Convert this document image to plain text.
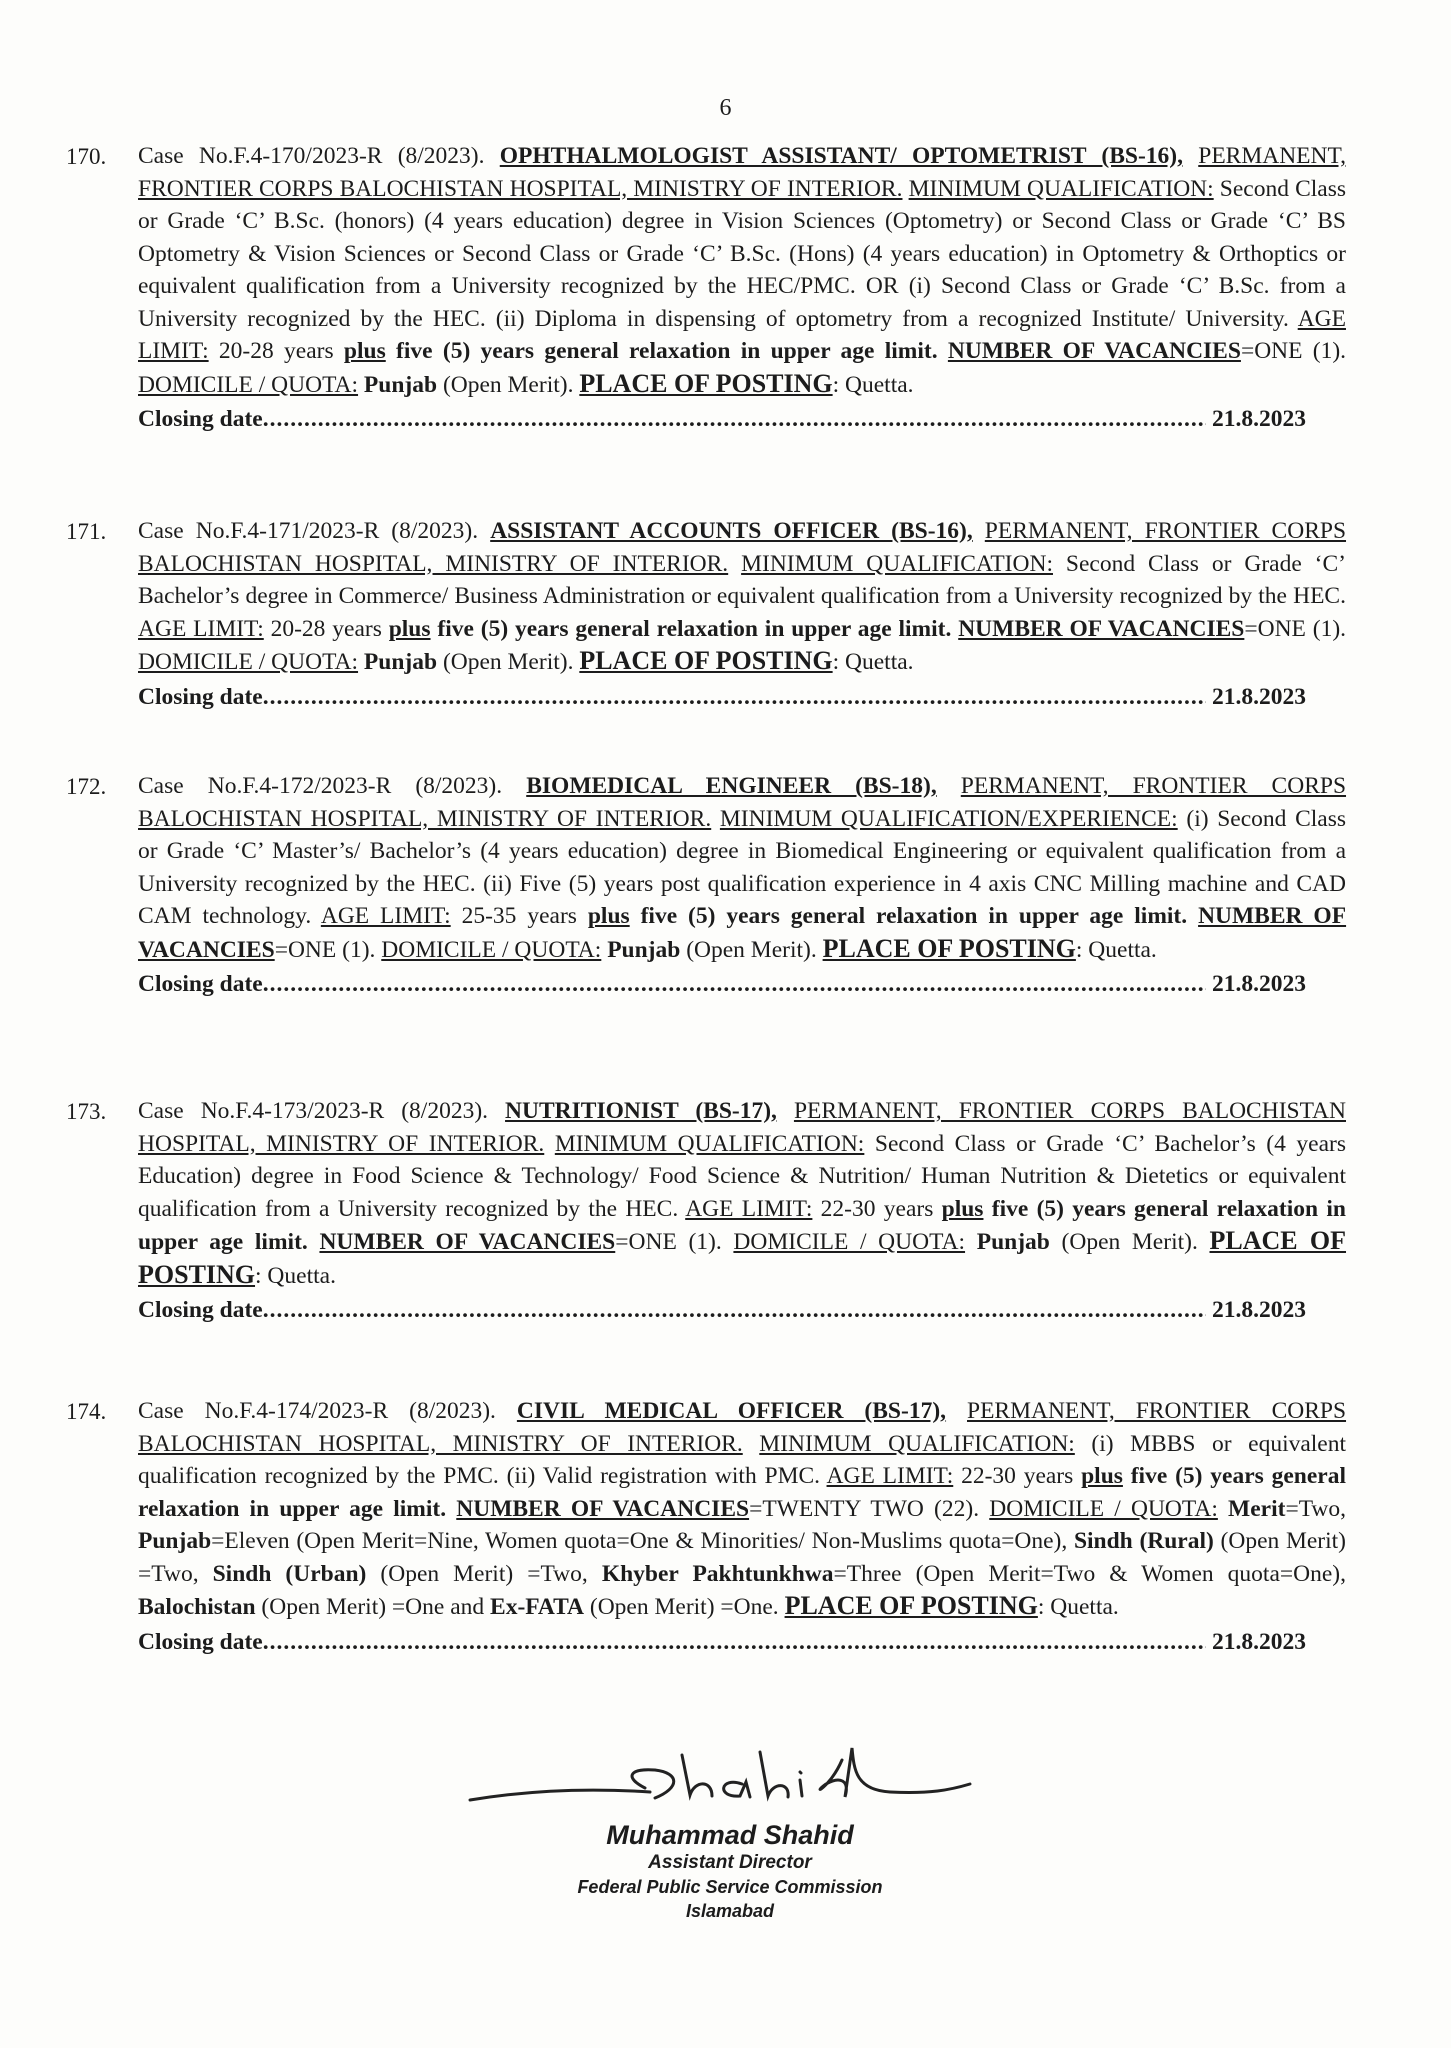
6
170. Case No.F.4-170/2023-R (8/2023). OPHTHALMOLOGIST ASSISTANT/ OPTOMETRIST (BS-16), PERMANENT, FRONTIER CORPS BALOCHISTAN HOSPITAL, MINISTRY OF INTERIOR. MINIMUM QUALIFICATION: Second Class or Grade ‘C’ B.Sc. (honors) (4 years education) degree in Vision Sciences (Optometry) or Second Class or Grade ‘C’ BS Optometry & Vision Sciences or Second Class or Grade ‘C’ B.Sc. (Hons) (4 years education) in Optometry & Orthoptics or equivalent qualification from a University recognized by the HEC/PMC. OR (i) Second Class or Grade ‘C’ B.Sc. from a University recognized by the HEC. (ii) Diploma in dispensing of optometry from a recognized Institute/ University. AGE LIMIT: 20-28 years plus five (5) years general relaxation in upper age limit. NUMBER OF VACANCIES=ONE (1). DOMICILE / QUOTA: Punjab (Open Merit). PLACE OF POSTING: Quetta.
Closing date .....	21.8.2023
171. Case No.F.4-171/2023-R (8/2023). ASSISTANT ACCOUNTS OFFICER (BS-16), PERMANENT, FRONTIER CORPS BALOCHISTAN HOSPITAL, MINISTRY OF INTERIOR. MINIMUM QUALIFICATION: Second Class or Grade ‘C’ Bachelor’s degree in Commerce/ Business Administration or equivalent qualification from a University recognized by the HEC. AGE LIMIT: 20-28 years plus five (5) years general relaxation in upper age limit. NUMBER OF VACANCIES=ONE (1). DOMICILE / QUOTA: Punjab (Open Merit). PLACE OF POSTING: Quetta.
Closing date .....	21.8.2023
172. Case No.F.4-172/2023-R (8/2023). BIOMEDICAL ENGINEER (BS-18), PERMANENT, FRONTIER CORPS BALOCHISTAN HOSPITAL, MINISTRY OF INTERIOR. MINIMUM QUALIFICATION/EXPERIENCE: (i) Second Class or Grade ‘C’ Master’s/ Bachelor’s (4 years education) degree in Biomedical Engineering or equivalent qualification from a University recognized by the HEC. (ii) Five (5) years post qualification experience in 4 axis CNC Milling machine and CAD CAM technology. AGE LIMIT: 25-35 years plus five (5) years general relaxation in upper age limit. NUMBER OF VACANCIES=ONE (1). DOMICILE / QUOTA: Punjab (Open Merit). PLACE OF POSTING: Quetta.
Closing date .....	21.8.2023
173. Case No.F.4-173/2023-R (8/2023). NUTRITIONIST (BS-17), PERMANENT, FRONTIER CORPS BALOCHISTAN HOSPITAL, MINISTRY OF INTERIOR. MINIMUM QUALIFICATION: Second Class or Grade ‘C’ Bachelor’s (4 years Education) degree in Food Science & Technology/ Food Science & Nutrition/ Human Nutrition & Dietetics or equivalent qualification from a University recognized by the HEC. AGE LIMIT: 22-30 years plus five (5) years general relaxation in upper age limit. NUMBER OF VACANCIES=ONE (1). DOMICILE / QUOTA: Punjab (Open Merit). PLACE OF POSTING: Quetta.
Closing date .....	21.8.2023
174. Case No.F.4-174/2023-R (8/2023). CIVIL MEDICAL OFFICER (BS-17), PERMANENT, FRONTIER CORPS BALOCHISTAN HOSPITAL, MINISTRY OF INTERIOR. MINIMUM QUALIFICATION: (i) MBBS or equivalent qualification recognized by the PMC. (ii) Valid registration with PMC. AGE LIMIT: 22-30 years plus five (5) years general relaxation in upper age limit. NUMBER OF VACANCIES=TWENTY TWO (22). DOMICILE / QUOTA: Merit=Two, Punjab=Eleven (Open Merit=Nine, Women quota=One & Minorities/ Non-Muslims quota=One), Sindh (Rural) (Open Merit) =Two, Sindh (Urban) (Open Merit) =Two, Khyber Pakhtunkhwa=Three (Open Merit=Two & Women quota=One), Balochistan (Open Merit) =One and Ex-FATA (Open Merit) =One. PLACE OF POSTING: Quetta.
Closing date .....	21.8.2023
Muhammad Shahid
Assistant Director
Federal Public Service Commission
Islamabad
